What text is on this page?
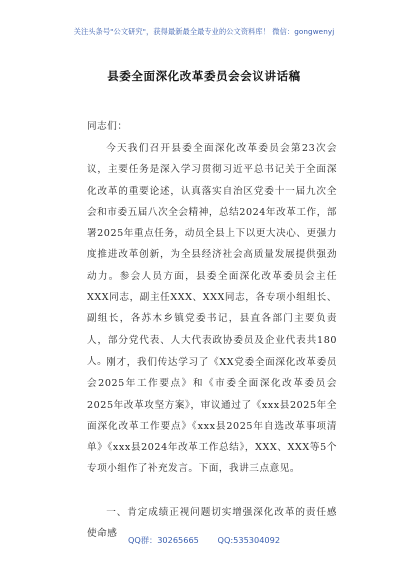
关注头条号"公文研究"，获得最新最全最专业的公文资料库！ 微信：gongwenyj
县委全面深化改革委员会会议讲话稿

同志们：

今天我们召开县委全面深化改革委员会第23次会议，主要任务是深入学习贯彻习近平总书记关于全面深化改革的重要论述，认真落实自治区党委十一届九次全会和市委五届八次全会精神，总结2024年改革工作，部署2025年重点任务，动员全县上下以更大决心、更强力度推进改革创新，为全县经济社会高质量发展提供强劲动力。参会人员方面，县委全面深化改革委员会主任XXX同志，副主任XXX、XXX同志，各专项小组组长、副组长，各苏木乡镇党委书记，县直各部门主要负责人，部分党代表、人大代表政协委员及企业代表共180人。

刚才，我们传达学习了《XX党委全面深化改革委员会2025年工作要点》和《市委全面深化改革委员会2025年改革攻坚方案》，审议通过了《xxx县2025年全面深化改革工作要点》《xxx县2025年自选改革事项清单》《xxx县2024年改革工作总结》，XXX、XXX等5个专项小组作了补充发言。下面，我讲三点意见。

一、肯定成绩正视问题切实增强深化改革的责任感使命感

QQ群：30265665 QQ:535304092
